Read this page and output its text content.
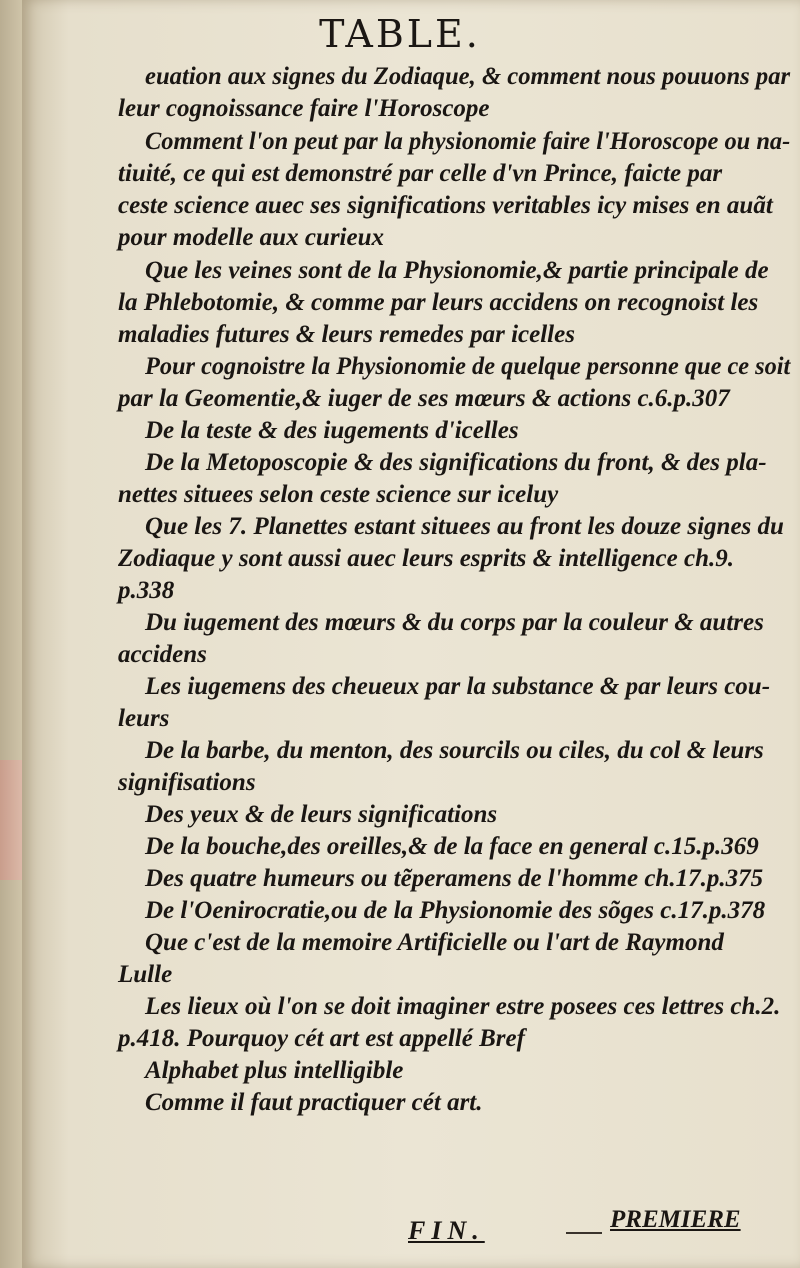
TABLE.
euation aux signes du Zodiaque, & comment nous pouuons par
leur cognoissance faire l'Horoscope
Comment l'on peut par la physionomie faire l'Horoscope ou na-
tiuité, ce qui est demonstré par celle d'vn Prince, faicte par
ceste science auec ses significations veritables icy mises en auãt
pour modelle aux curieux
Que les veines sont de la Physionomie,& partie principale de
la Phlebotomie, & comme par leurs accidens on recognoist les
maladies futures & leurs remedes par icelles
Pour cognoistre la Physionomie de quelque personne que ce soit
par la Geomentie,& iuger de ses mœurs & actions c.6.p.307
De la teste & des iugements d'icelles
De la Metoposcopie & des significations du front, & des pla-
nettes situees selon ceste science sur iceluy
Que les 7. Planettes estant situees au front les douze signes du
Zodiaque y sont aussi auec leurs esprits & intelligence ch.9.
p.338
Du iugement des mœurs & du corps par la couleur & autres
accidens
Les iugemens des cheueux par la substance & par leurs cou-
leurs
De la barbe, du menton, des sourcils ou ciles, du col & leurs
signifisations
Des yeux & de leurs significations
De la bouche,des oreilles,& de la face en general c.15.p.369
Des quatre humeurs ou tẽperamens de l'homme ch.17.p.375
De l'Oenirocratie,ou de la Physionomie des sõges c.17.p.378
Que c'est de la memoire Artificielle ou l'art de Raymond
Lulle
Les lieux où l'on se doit imaginer estre posees ces lettres ch.2.
p.418. Pourquoy cét art est appellé Bref
Alphabet plus intelligible
Comme il faut practiquer cét art.
FIN.	PREMIERE
